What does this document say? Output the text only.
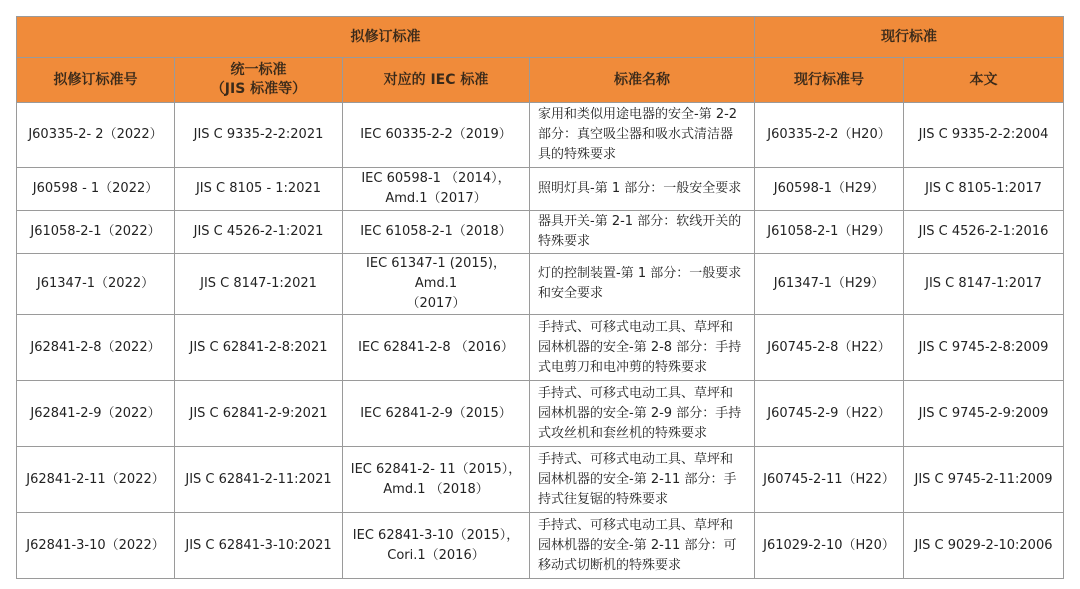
拟修订标准				现行标准	

拟修订标准号	统一标准
（JIS 标准等）	对应的 IEC 标准	标准名称	现行标准号	本文

J60335-2- 2（2022）	JIS C 9335-2-2:2021	IEC 60335-2-2（2019）	家用和类似用途电器的安全-第 2-2
部分：真空吸尘器和吸水式清洁器
具的特殊要求	J60335-2-2（H20）	JIS C 9335-2-2:2004
J60598 - 1（2022）	JIS C 8105 - 1:2021	IEC 60598-1 （2014），
Amd.1（2017）	照明灯具-第 1 部分：一般安全要求	J60598-1（H29）	JIS C 8105-1:2017
J61058-2-1（2022）	JIS C 4526-2-1:2021	IEC 61058-2-1（2018）	器具开关-第 2-1 部分：软线开关的
特殊要求	J61058-2-1（H29）	JIS C 4526-2-1:2016
J61347-1（2022）	JIS C 8147-1:2021	IEC 61347-1 (2015)，Amd.1
（2017）	灯的控制装置-第 1 部分：一般要求
和安全要求	J61347-1（H29）	JIS C 8147-1:2017
J62841-2-8（2022）	JIS C 62841-2-8:2021	IEC 62841-2-8 （2016）	手持式、可移式电动工具、草坪和
园林机器的安全-第 2-8 部分：手持
式电剪刀和电冲剪的特殊要求	J60745-2-8（H22）	JIS C 9745-2-8:2009
J62841-2-9（2022）	JIS C 62841-2-9:2021	IEC 62841-2-9（2015）	手持式、可移式电动工具、草坪和
园林机器的安全-第 2-9 部分：手持
式攻丝机和套丝机的特殊要求	J60745-2-9（H22）	JIS C 9745-2-9:2009
J62841-2-11（2022）	JIS C 62841-2-11:2021	IEC 62841-2- 11（2015），
Amd.1 （2018）	手持式、可移式电动工具、草坪和
园林机器的安全-第 2-11 部分：手
持式往复锯的特殊要求	J60745-2-11（H22）	JIS C 9745-2-11:2009
J62841-3-10（2022）	JIS C 62841-3-10:2021	IEC 62841-3-10（2015），
Cori.1（2016）	手持式、可移式电动工具、草坪和
园林机器的安全-第 2-11 部分：可
移动式切断机的特殊要求	J61029-2-10（H20）	JIS C 9029-2-10:2006
